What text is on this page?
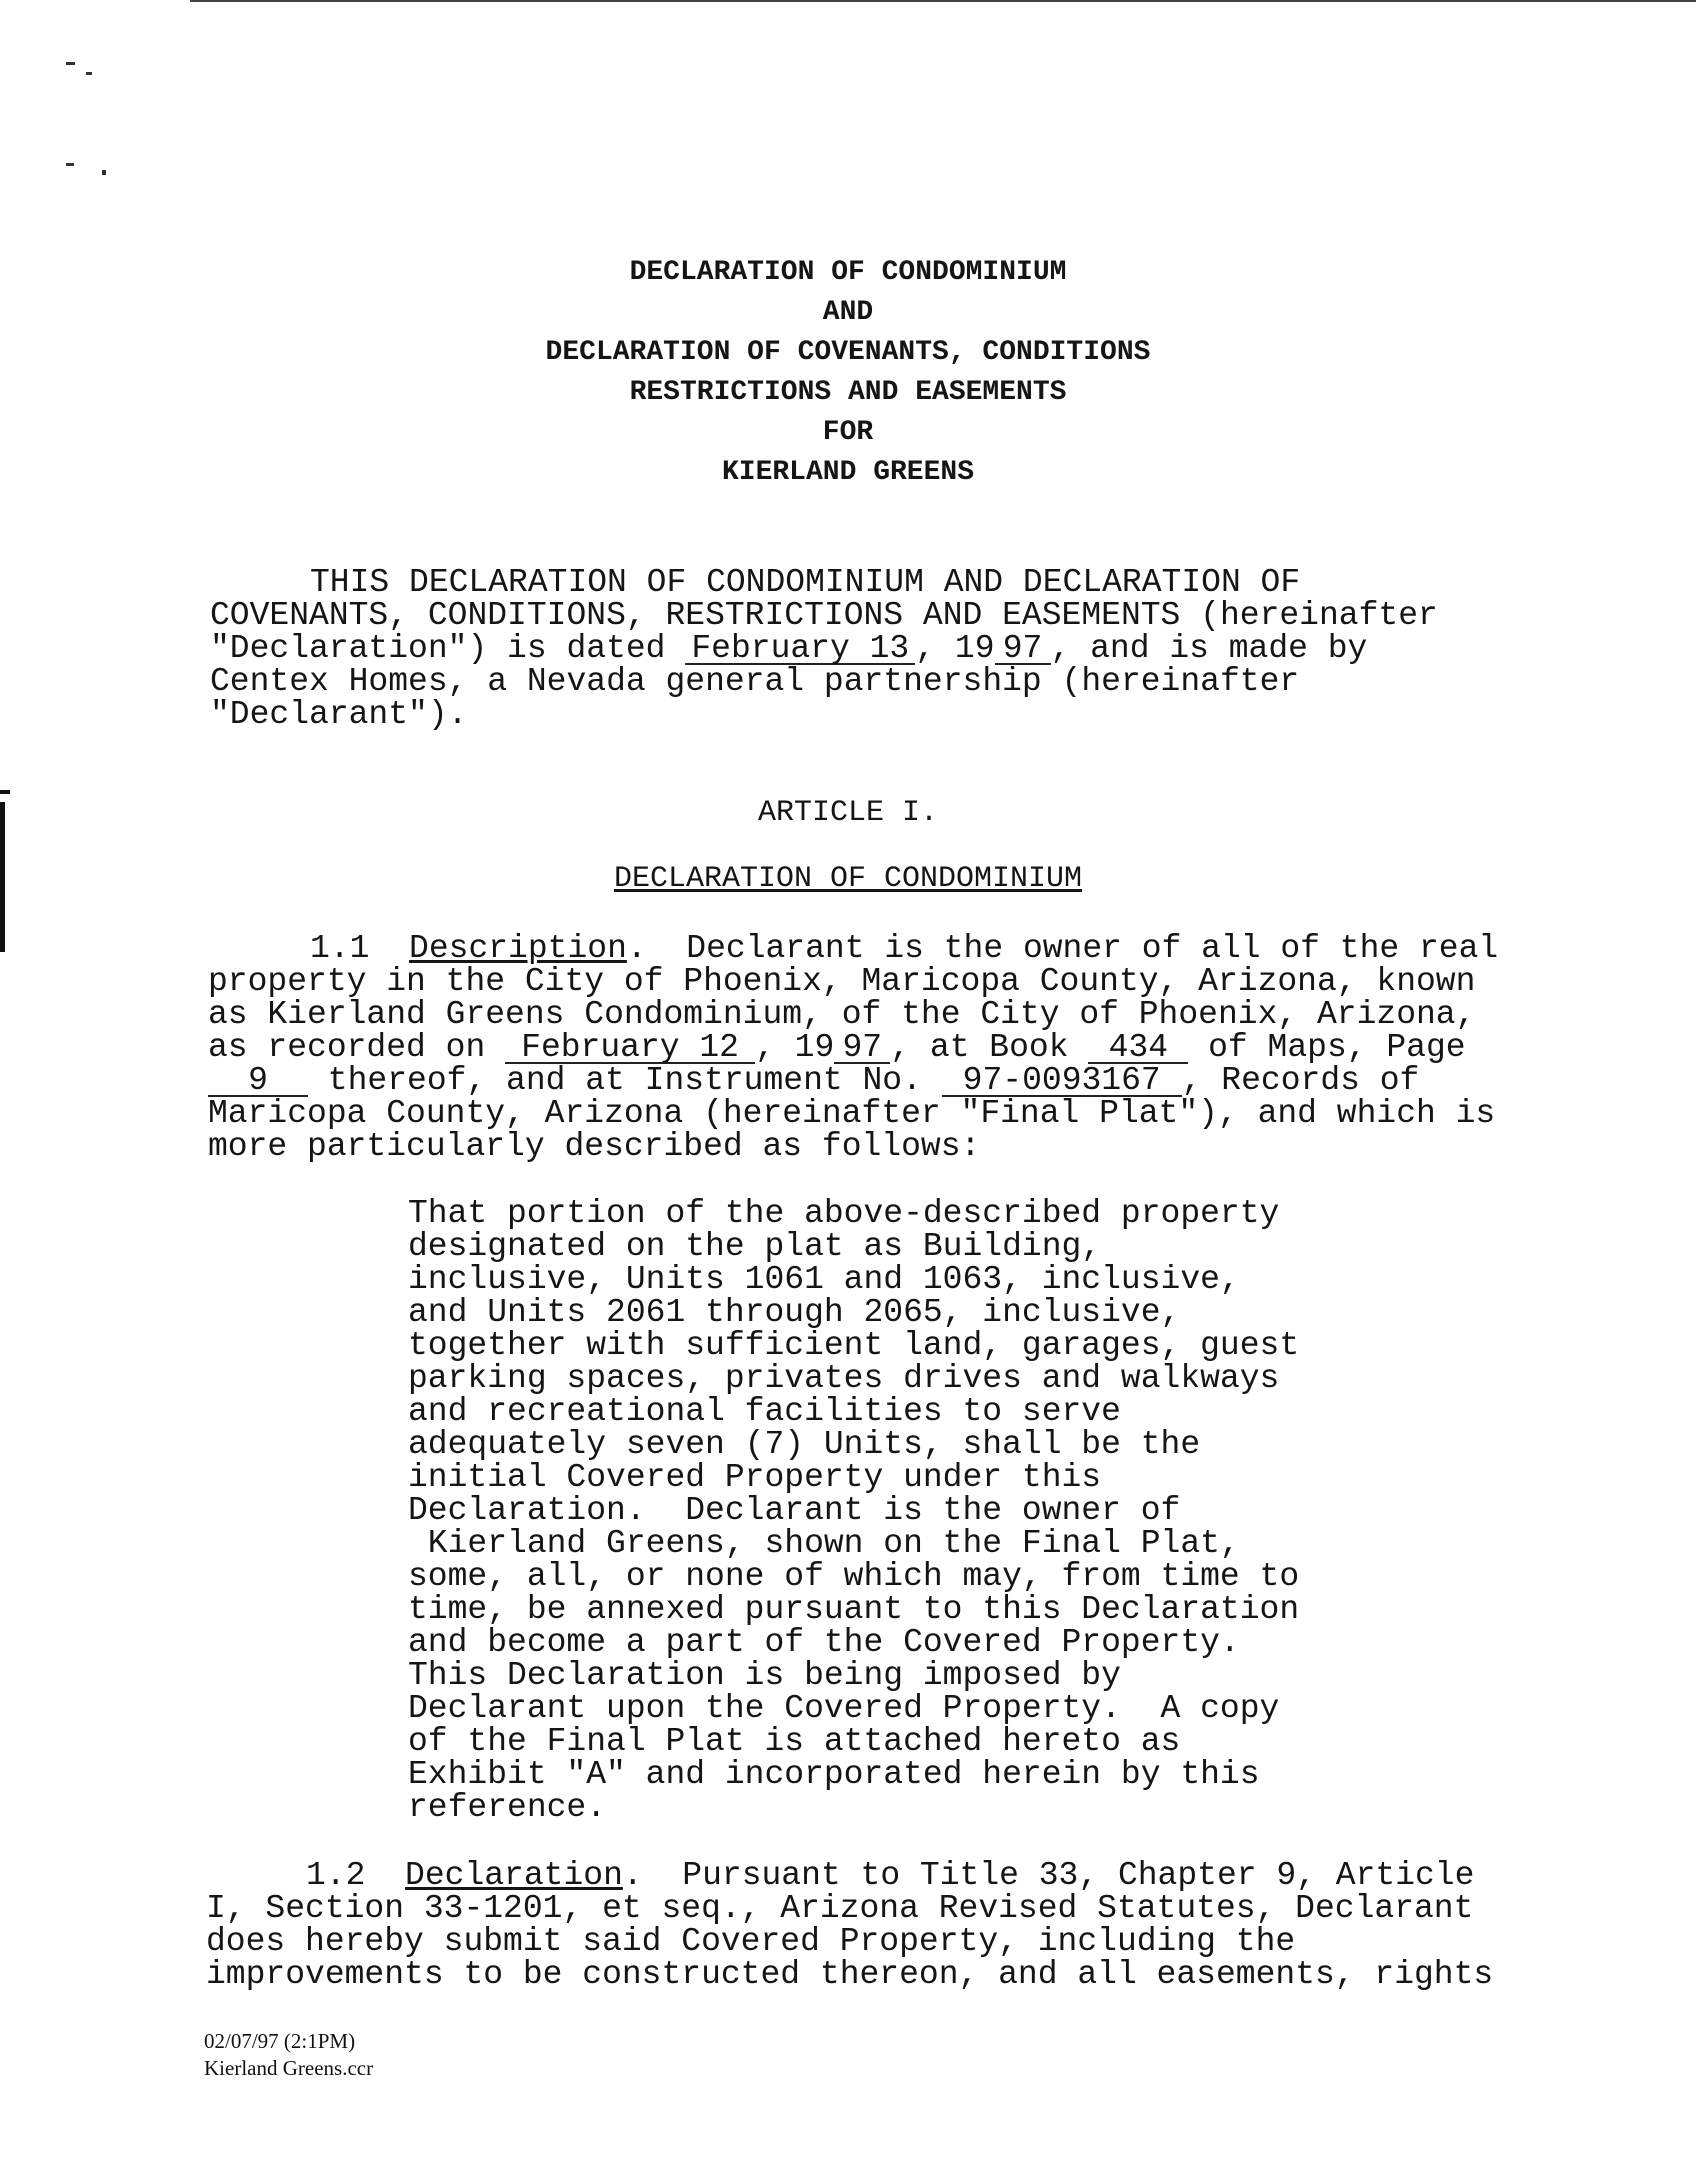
DECLARATION OF CONDOMINIUM
AND
DECLARATION OF COVENANTS, CONDITIONS
RESTRICTIONS AND EASEMENTS
FOR
KIERLAND GREENS
THIS DECLARATION OF CONDOMINIUM AND DECLARATION OF
COVENANTS, CONDITIONS, RESTRICTIONS AND EASEMENTS (hereinafter
"Declaration") is dated February 13 , 19 97 , and is made by
Centex Homes, a Nevada general partnership (hereinafter
"Declarant").
ARTICLE I.
DECLARATION OF CONDOMINIUM
1.1  Description.  Declarant is the owner of all of the real
property in the City of Phoenix, Maricopa County, Arizona, known
as Kierland Greens Condominium, of the City of Phoenix, Arizona,
as recorded on February 12 , 19 97 , at Book 434 of Maps, Page
9 thereof, and at Instrument No. 97-0093167 , Records of
Maricopa County, Arizona (hereinafter "Final Plat"), and which is
more particularly described as follows:
That portion of the above-described property
designated on the plat as Building,
inclusive, Units 1061 and 1063, inclusive,
and Units 2061 through 2065, inclusive,
together with sufficient land, garages, guest
parking spaces, privates drives and walkways
and recreational facilities to serve
adequately seven (7) Units, shall be the
initial Covered Property under this
Declaration.  Declarant is the owner of
Kierland Greens, shown on the Final Plat,
some, all, or none of which may, from time to
time, be annexed pursuant to this Declaration
and become a part of the Covered Property.
This Declaration is being imposed by
Declarant upon the Covered Property.  A copy
of the Final Plat is attached hereto as
Exhibit "A" and incorporated herein by this
reference.
1.2  Declaration.  Pursuant to Title 33, Chapter 9, Article
I, Section 33-1201, et seq., Arizona Revised Statutes, Declarant
does hereby submit said Covered Property, including the
improvements to be constructed thereon, and all easements, rights
02/07/97 (2:1PM)
Kierland Greens.ccr
